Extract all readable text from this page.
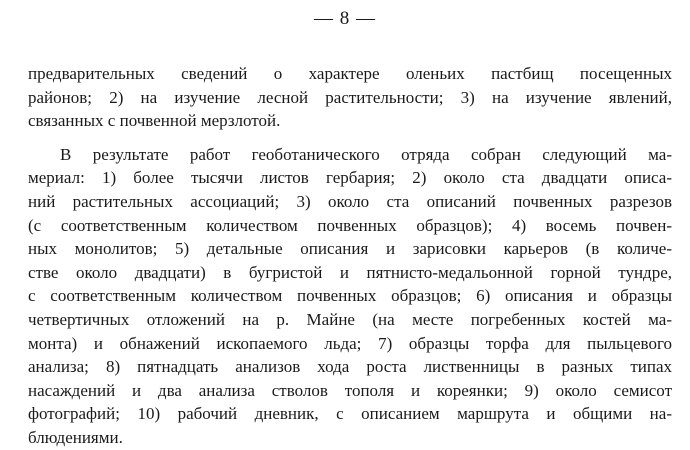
— 8 —
предварительных сведений о характере оленьих пастбищ посещенных
районов; 2) на изучение лесной растительности; 3) на изучение явлений,
связанных с почвенной мерзлотой.
В результате работ геоботанического отряда собран следующий ма-
мериал: 1) более тысячи листов гербария; 2) около ста двадцати описа-
ний растительных ассоциаций; 3) около ста описаний почвенных разрезов
(с соответственным количеством почвенных образцов); 4) восемь почвен-
ных монолитов; 5) детальные описания и зарисовки карьеров (в количе-
стве около двадцати) в бугристой и пятнисто-медальонной горной тундре,
с соответственным количеством почвенных образцов; 6) описания и образцы
четвертичных отложений на р. Майне (на месте погребенных костей ма-
монта) и обнажений ископаемого льда; 7) образцы торфа для пыльцевого
анализа; 8) пятнадцать анализов хода роста лиственницы в разных типах
насаждений и два анализа стволов тополя и кореянки; 9) около семисот
фотографий; 10) рабочий дневник, с описанием маршрута и общими на-
блюдениями.
